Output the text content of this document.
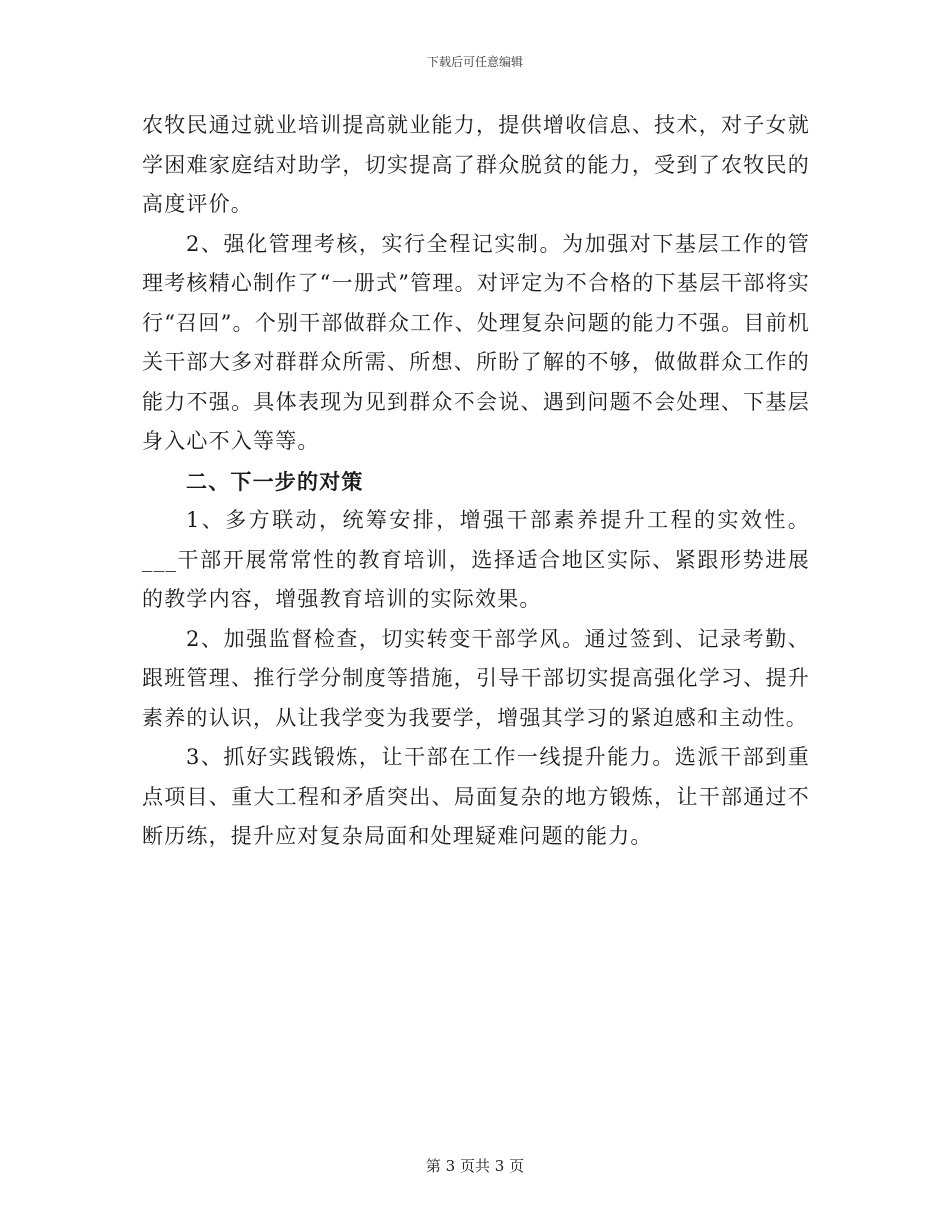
下载后可任意编辑

农牧民通过就业培训提高就业能力，提供增收信息、技术，对子女就学困难家庭结对助学，切实提高了群众脱贫的能力，受到了农牧民的高度评价。

2、强化管理考核，实行全程记实制。为加强对下基层工作的管理考核精心制作了“一册式”管理。对评定为不合格的下基层干部将实行“召回”。个别干部做群众工作、处理复杂问题的能力不强。目前机关干部大多对群群众所需、所想、所盼了解的不够，做做群众工作的能力不强。具体表现为见到群众不会说、遇到问题不会处理、下基层身入心不入等等。

二、下一步的对策

1、多方联动，统筹安排，增强干部素养提升工程的实效性。___干部开展常常性的教育培训，选择适合地区实际、紧跟形势进展的教学内容，增强教育培训的实际效果。

2、加强监督检查，切实转变干部学风。通过签到、记录考勤、跟班管理、推行学分制度等措施，引导干部切实提高强化学习、提升素养的认识，从让我学变为我要学，增强其学习的紧迫感和主动性。

3、抓好实践锻炼，让干部在工作一线提升能力。选派干部到重点项目、重大工程和矛盾突出、局面复杂的地方锻炼，让干部通过不断历练，提升应对复杂局面和处理疑难问题的能力。

第 3 页共 3 页
